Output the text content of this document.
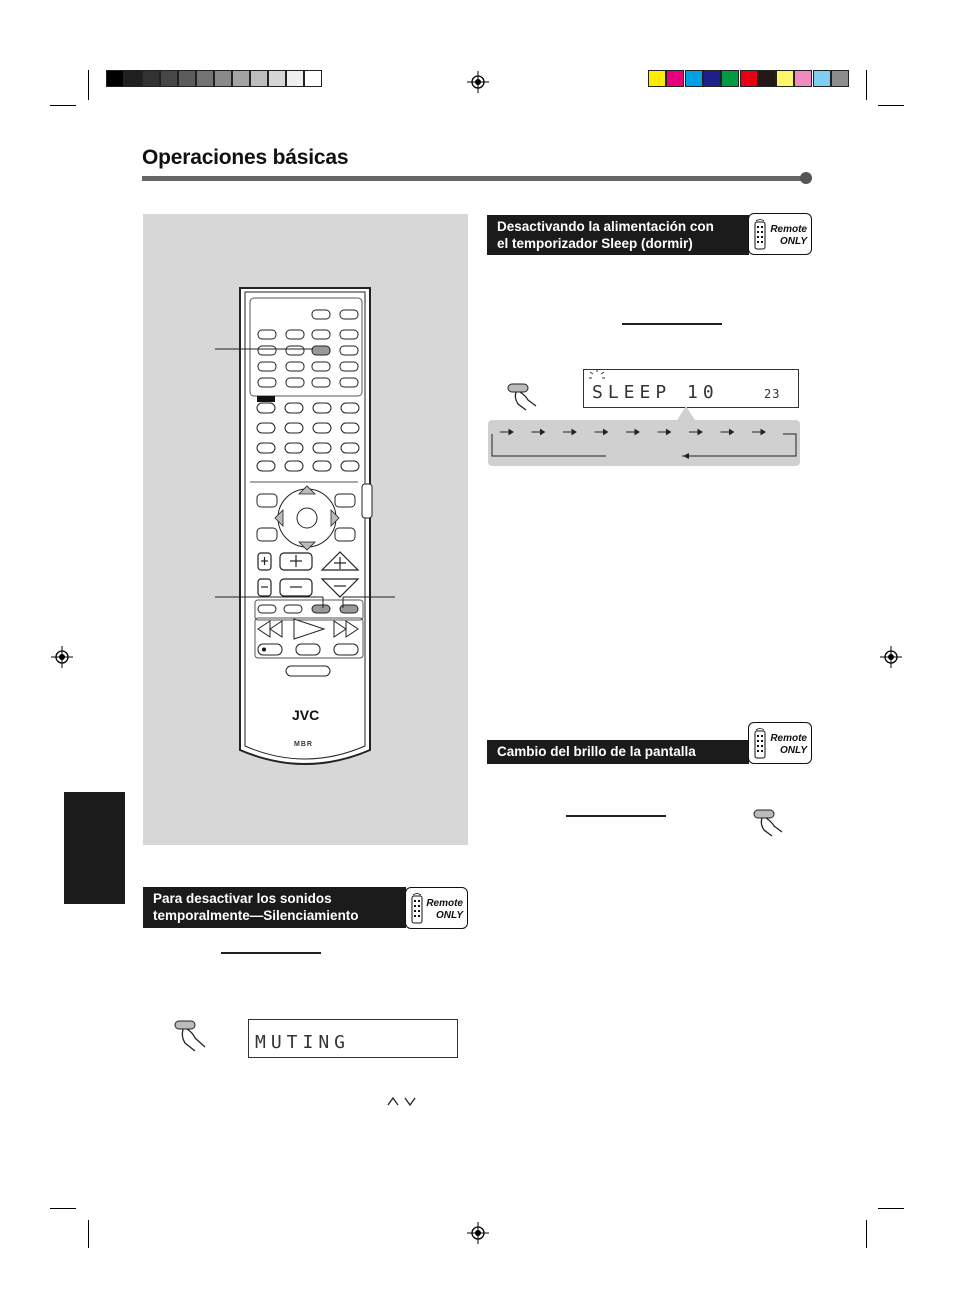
Operaciones básicas
JVC
MBR
Desactivando la alimentación con
el temporizador Sleep (dormir)
Remote
ONLY
SLEEP 10	23
Cambio del brillo de la pantalla
Remote
ONLY
Para desactivar los sonidos
temporalmente—Silenciamiento
Remote
ONLY
MUTING
